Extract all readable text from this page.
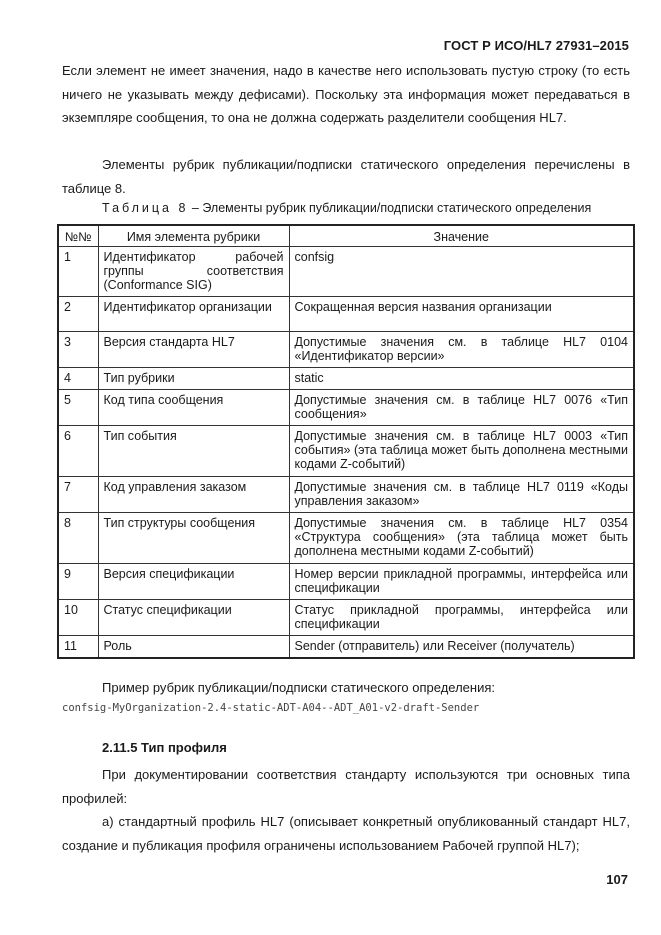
ГОСТ Р ИСО/HL7 27931–2015
Если элемент не имеет значения, надо в качестве него использовать пустую строку (то есть ничего не указывать между дефисами). Поскольку эта информация может передаваться в экземпляре сообщения, то она не должна содержать разделители сообщения HL7.
Элементы рубрик публикации/подписки статического определения перечислены в таблице 8.
Таблица 8 – Элементы рубрик публикации/подписки статического определения
№№	Имя элемента рубрики	Значение
1	Идентификатор рабочей группы соответствия (Conformance SIG)	confsig
2	Идентификатор организации	Сокращенная версия названия организации
3	Версия стандарта HL7	Допустимые значения см. в таблице HL7 0104 «Идентификатор версии»
4	Тип рубрики	static
5	Код типа сообщения	Допустимые значения см. в таблице HL7 0076 «Тип сообщения»
6	Тип события	Допустимые значения см. в таблице HL7 0003 «Тип события» (эта таблица может быть дополнена местными кодами Z-событий)
7	Код управления заказом	Допустимые значения см. в таблице HL7 0119 «Коды управления заказом»
8	Тип структуры сообщения	Допустимые значения см. в таблице HL7 0354 «Структура сообщения» (эта таблица может быть дополнена местными кодами Z-событий)
9	Версия спецификации	Номер версии прикладной программы, интерфейса или спецификации
10	Статус спецификации	Статус прикладной программы, интерфейса или спецификации
11	Роль	Sender (отправитель) или Receiver (получатель)
Пример рубрик публикации/подписки статического определения:
confsig-MyOrganization-2.4-static-ADT-A04--ADT_A01-v2-draft-Sender
2.11.5 Тип профиля
При документировании соответствия стандарту используются три основных типа профилей:
а) стандартный профиль HL7 (описывает конкретный опубликованный стандарт HL7, создание и публикация профиля ограничены использованием Рабочей группой HL7);
107
